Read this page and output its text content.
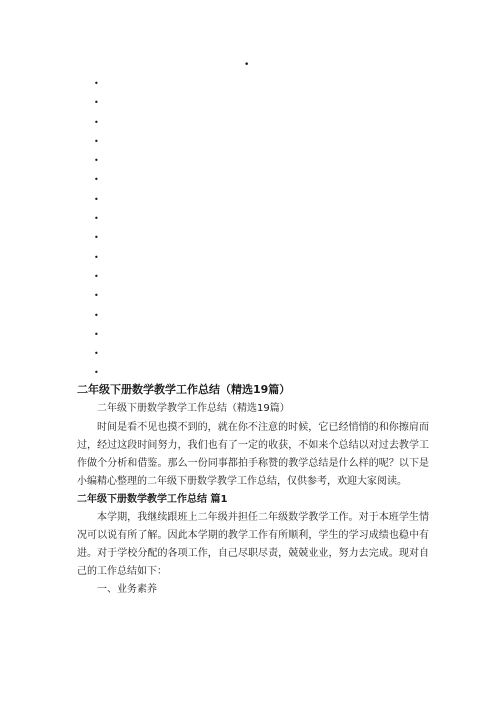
•
•
•
•
•
•
•
•
•
•
•
•
•
•
•
•
•
二年级下册数学教学工作总结（精选19篇）

二年级下册数学教学工作总结（精选19篇）

时间是看不见也摸不到的，就在你不注意的时候，它已经悄悄的和你擦肩而过，经过这段时间努力，我们也有了一定的收获，不如来个总结以对过去教学工作做个分析和借鉴。那么一份同事都拍手称赞的教学总结是什么样的呢？以下是小编精心整理的二年级下册数学教学工作总结，仅供参考，欢迎大家阅读。

二年级下册数学教学工作总结 篇1

本学期，我继续跟班上二年级并担任二年级数学教学工作。对于本班学生情况可以说有所了解。因此本学期的教学工作有所顺利，学生的学习成绩也稳中有进。对于学校分配的各项工作，自己尽职尽责，兢兢业业，努力去完成。现对自己的工作总结如下：

一、业务素养
